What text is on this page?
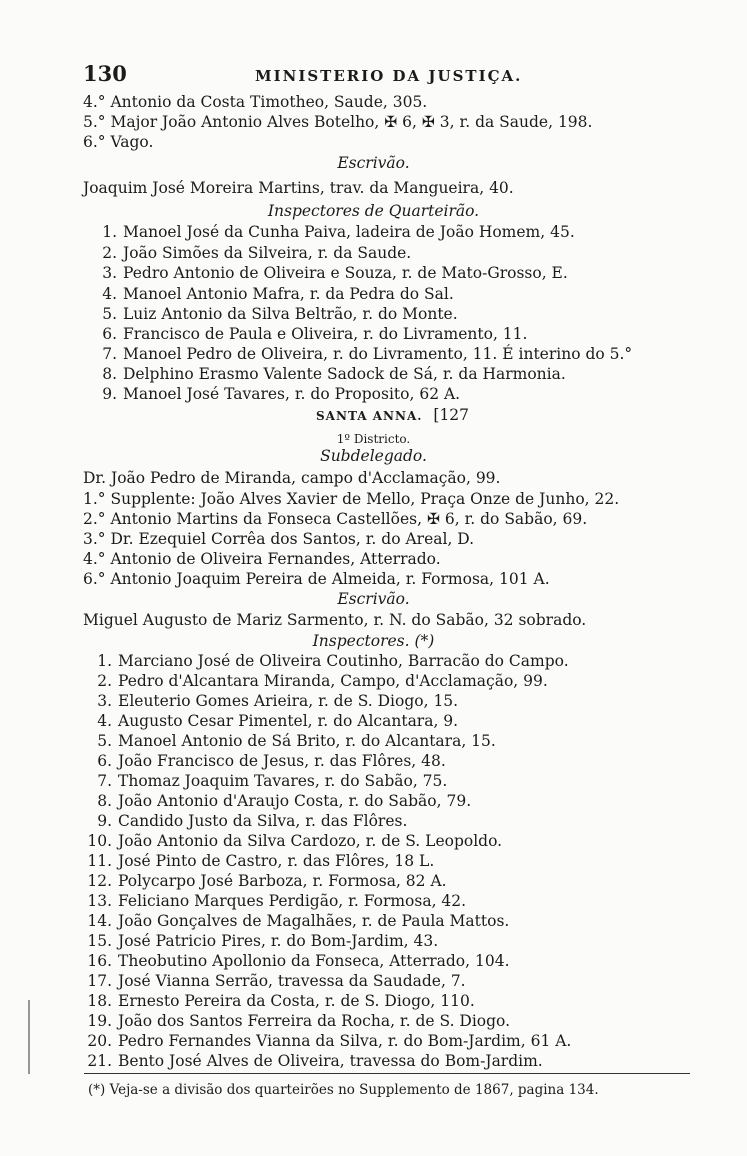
130	MINISTERIO DA JUSTIÇA.
4.° Antonio da Costa Timotheo, Saude, 305.
5.° Major João Antonio Alves Botelho, ✠ 6, ✠ 3, r. da Saude, 198.
6.° Vago.
Escrivão.
Joaquim José Moreira Martins, trav. da Mangueira, 40.
Inspectores de Quarteirão.
1. Manoel José da Cunha Paiva, ladeira de João Homem, 45.
2. João Simões da Silveira, r. da Saude.
3. Pedro Antonio de Oliveira e Souza, r. de Mato-Grosso, E.
4. Manoel Antonio Mafra, r. da Pedra do Sal.
5. Luiz Antonio da Silva Beltrão, r. do Monte.
6. Francisco de Paula e Oliveira, r. do Livramento, 11.
7. Manoel Pedro de Oliveira, r. do Livramento, 11. É interino do 5.°
8. Delphino Erasmo Valente Sadock de Sá, r. da Harmonia.
9. Manoel José Tavares, r. do Proposito, 62 A.
SANTA ANNA. [127
1º Districto.
Subdelegado.
Dr. João Pedro de Miranda, campo d'Acclamação, 99.
1.° Supplente: João Alves Xavier de Mello, Praça Onze de Junho, 22.
2.° Antonio Martins da Fonseca Castellões, ✠ 6, r. do Sabão, 69.
3.° Dr. Ezequiel Corrêa dos Santos, r. do Areal, D.
4.° Antonio de Oliveira Fernandes, Atterrado.
6.° Antonio Joaquim Pereira de Almeida, r. Formosa, 101 A.
Escrivão.
Miguel Augusto de Mariz Sarmento, r. N. do Sabão, 32 sobrado.
Inspectores. (*)
1. Marciano José de Oliveira Coutinho, Barracão do Campo.
2. Pedro d'Alcantara Miranda, Campo, d'Acclamação, 99.
3. Eleuterio Gomes Arieira, r. de S. Diogo, 15.
4. Augusto Cesar Pimentel, r. do Alcantara, 9.
5. Manoel Antonio de Sá Brito, r. do Alcantara, 15.
6. João Francisco de Jesus, r. das Flôres, 48.
7. Thomaz Joaquim Tavares, r. do Sabão, 75.
8. João Antonio d'Araujo Costa, r. do Sabão, 79.
9. Candido Justo da Silva, r. das Flôres.
10. João Antonio da Silva Cardozo, r. de S. Leopoldo.
11. José Pinto de Castro, r. das Flôres, 18 L.
12. Polycarpo José Barboza, r. Formosa, 82 A.
13. Feliciano Marques Perdigão, r. Formosa, 42.
14. João Gonçalves de Magalhães, r. de Paula Mattos.
15. José Patricio Pires, r. do Bom-Jardim, 43.
16. Theobutino Apollonio da Fonseca, Atterrado, 104.
17. José Vianna Serrão, travessa da Saudade, 7.
18. Ernesto Pereira da Costa, r. de S. Diogo, 110.
19. João dos Santos Ferreira da Rocha, r. de S. Diogo.
20. Pedro Fernandes Vianna da Silva, r. do Bom-Jardim, 61 A.
21. Bento José Alves de Oliveira, travessa do Bom-Jardim.
(*) Veja-se a divisão dos quarteirões no Supplemento de 1867, pagina 134.
